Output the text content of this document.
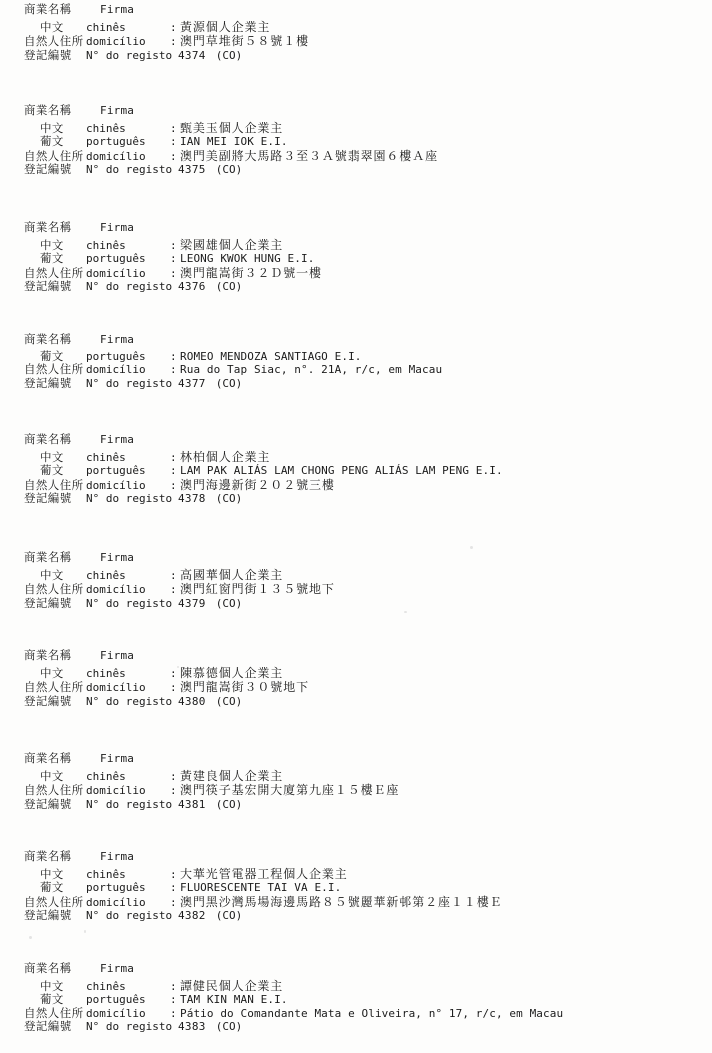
商業名稱	Firma
中文	chinês	: 黃源個人企業主
自然人住所 domicílio	: 澳門草堆街５８號１樓
登記編號	N° do registo 4374 (CO)
商業名稱	Firma
中文	chinês	: 甄美玉個人企業主
葡文	português	: IAN MEI IOK E.I.
自然人住所 domicílio	: 澳門美副將大馬路３至３Ａ號翡翠園６樓Ａ座
登記編號	N° do registo 4375 (CO)
商業名稱	Firma
中文	chinês	: 梁國雄個人企業主
葡文	português	: LEONG KWOK HUNG E.I.
自然人住所 domicílio	: 澳門龍嵩街３２Ｄ號一樓
登記編號	N° do registo 4376 (CO)
商業名稱	Firma
葡文	português	: ROMEO MENDOZA SANTIAGO E.I.
自然人住所 domicílio	: Rua do Tap Siac, n°. 21A, r/c, em Macau
登記編號	N° do registo 4377 (CO)
商業名稱	Firma
中文	chinês	: 林柏個人企業主
葡文	português	: LAM PAK ALIÁS LAM CHONG PENG ALIÁS LAM PENG E.I.
自然人住所 domicílio	: 澳門海邊新街２０２號三樓
登記編號	N° do registo 4378 (CO)
商業名稱	Firma
中文	chinês	: 高國華個人企業主
自然人住所 domicílio	: 澳門紅窗門街１３５號地下
登記編號	N° do registo 4379 (CO)
商業名稱	Firma
中文	chinês	: 陳慕德個人企業主
自然人住所 domicílio	: 澳門龍嵩街３０號地下
登記編號	N° do registo 4380 (CO)
商業名稱	Firma
中文	chinês	: 黃建良個人企業主
自然人住所 domicílio	: 澳門筷子基宏開大廈第九座１５樓Ｅ座
登記編號	N° do registo 4381 (CO)
商業名稱	Firma
中文	chinês	: 大華光管電器工程個人企業主
葡文	português	: FLUORESCENTE TAI VA E.I.
自然人住所 domicílio	: 澳門黑沙灣馬場海邊馬路８５號麗華新邨第２座１１樓Ｅ
登記編號	N° do registo 4382 (CO)
商業名稱	Firma
中文	chinês	: 譚健民個人企業主
葡文	português	: TAM KIN MAN E.I.
自然人住所 domicílio	: Pátio do Comandante Mata e Oliveira, n° 17, r/c, em Macau
登記編號	N° do registo 4383 (CO)
